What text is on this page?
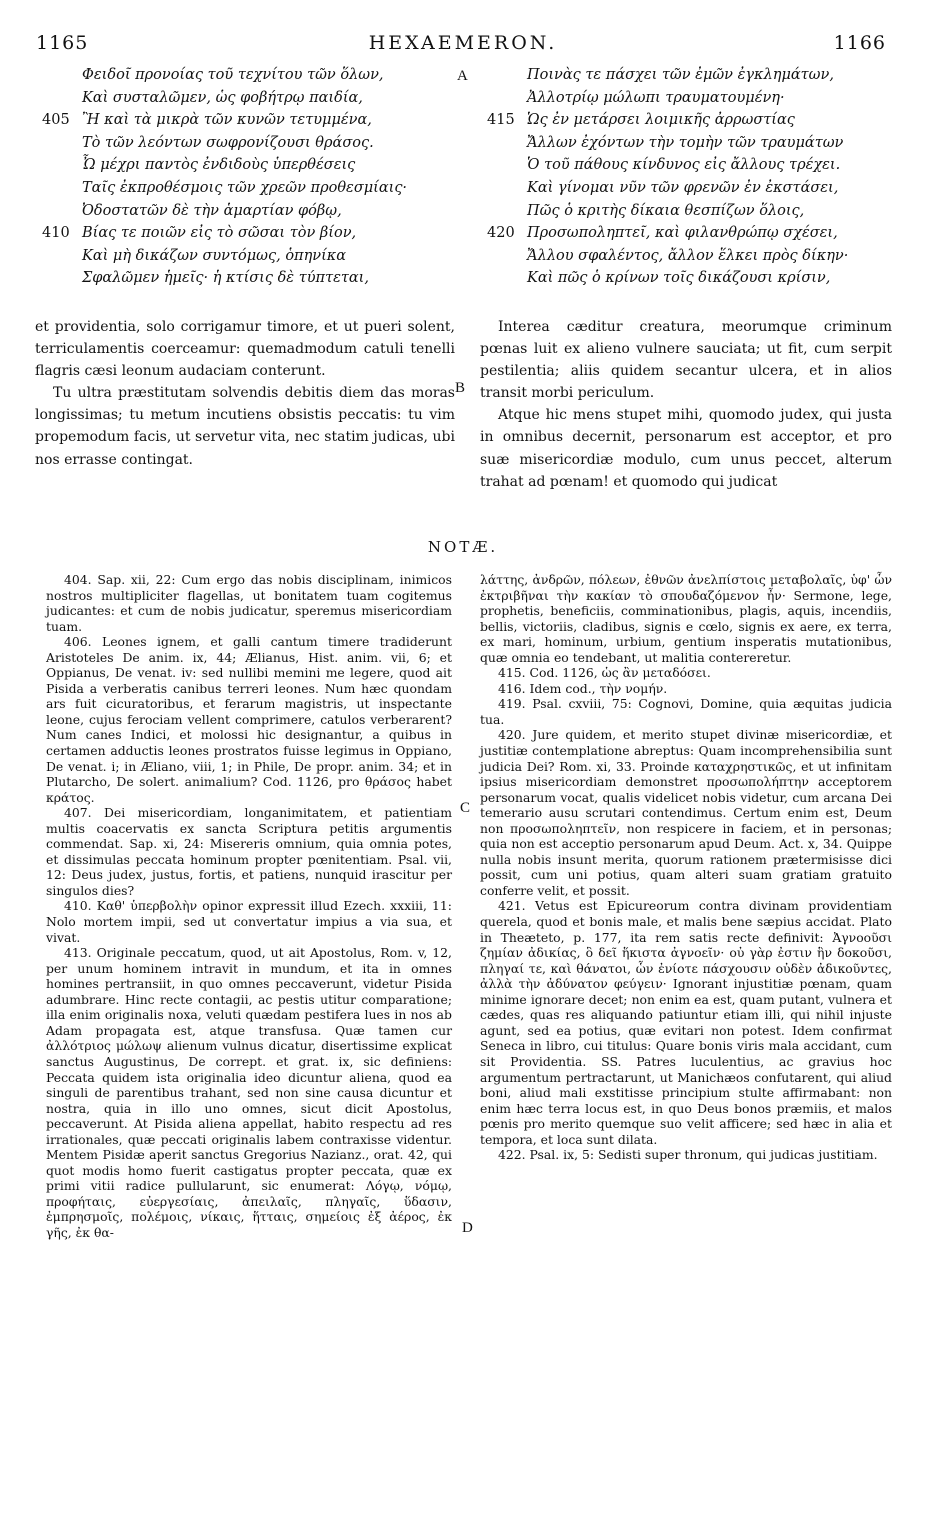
1165	HEXAEMERON.	1166
A
B
C
D
Φειδοῖ προνοίας τοῦ τεχνίτου τῶν ὅλων,
Καὶ συσταλῶμεν, ὡς φοβήτρῳ παιδία,
405 Ἢ καὶ τὰ μικρὰ τῶν κυνῶν τετυμμένα,
Τὸ τῶν λεόντων σωφρονίζουσι θράσος.
Ὦ μέχρι παντὸς ἐνδιδοὺς ὑπερθέσεις
Ταῖς ἐκπροθέσμοις τῶν χρεῶν προθεσμίαις·
Ὀδοστατῶν δὲ τὴν ἁμαρτίαν φόβῳ,
410 Βίας τε ποιῶν εἰς τὸ σῶσαι τὸν βίον,
Καὶ μὴ δικάζων συντόμως, ὁπηνίκα
Σφαλῶμεν ἡμεῖς· ἡ κτίσις δὲ τύπτεται,
Ποινὰς τε πάσχει τῶν ἐμῶν ἐγκλημάτων,
Ἀλλοτρίῳ μώλωπι τραυματουμένη·
415 Ὡς ἐν μετάρσει λοιμικῆς ἀρρωστίας
Ἄλλων ἐχόντων τὴν τομὴν τῶν τραυμάτων
Ὁ τοῦ πάθους κίνδυνος εἰς ἄλλους τρέχει.
Καὶ γίνομαι νῦν τῶν φρενῶν ἐν ἐκστάσει,
Πῶς ὁ κριτὴς δίκαια θεσπίζων ὅλοις,
420 Προσωποληπτεῖ, καὶ φιλανθρώπῳ σχέσει,
Ἄλλου σφαλέντος, ἄλλον ἕλκει πρὸς δίκην·
Καὶ πῶς ὁ κρίνων τοῖς δικάζουσι κρίσιν,

et providentia, solo corrigamur timore, et ut pueri solent, terriculamentis coerceamur: quemadmodum catuli tenelli flagris cæsi leonum audaciam conterunt.

Tu ultra præstitutam solvendis debitis diem das moras longissimas; tu metum incutiens obsistis peccatis: tu vim propemodum facis, ut servetur vita, nec statim judicas, ubi nos errasse contingat.

Interea cæditur creatura, meorumque criminum pœnas luit ex alieno vulnere sauciata; ut fit, cum serpit pestilentia; aliis quidem secantur ulcera, et in alios transit morbi periculum.

Atque hic mens stupet mihi, quomodo judex, qui justa in omnibus decernit, personarum est acceptor, et pro suæ misericordiæ modulo, cum unus peccet, alterum trahat ad pœnam! et quomodo qui judicat

NOTÆ.

404. Sap. xii, 22: Cum ergo das nobis disciplinam, inimicos nostros multipliciter flagellas, ut bonitatem tuam cogitemus judicantes: et cum de nobis judicatur, speremus misericordiam tuam.

406. Leones ignem, et galli cantum timere tradiderunt Aristoteles De anim. ix, 44; Ælianus, Hist. anim. vii, 6; et Oppianus, De venat. iv: sed nullibi memini me legere, quod ait Pisida a verberatis canibus terreri leones. Num hæc quondam ars fuit cicuratoribus, et ferarum magistris, ut inspectante leone, cujus ferociam vellent comprimere, catulos verberarent? Num canes Indici, et molossi hic designantur, a quibus in certamen adductis leones prostratos fuisse legimus in Oppiano, De venat. i; in Æliano, viii, 1; in Phile, De propr. anim. 34; et in Plutarcho, De solert. animalium? Cod. 1126, pro θράσος habet κράτος.

407. Dei misericordiam, longanimitatem, et patientiam multis coacervatis ex sancta Scriptura petitis argumentis commendat. Sap. xi, 24: Misereris omnium, quia omnia potes, et dissimulas peccata hominum propter pœnitentiam. Psal. vii, 12: Deus judex, justus, fortis, et patiens, nunquid irascitur per singulos dies?

410. Καθ' ὑπερβολὴν opinor expressit illud Ezech. xxxiii, 11: Nolo mortem impii, sed ut convertatur impius a via sua, et vivat.

413. Originale peccatum, quod, ut ait Apostolus, Rom. v, 12, per unum hominem intravit in mundum, et ita in omnes homines pertransiit, in quo omnes peccaverunt, videtur Pisida adumbrare. Hinc recte contagii, ac pestis utitur comparatione; illa enim originalis noxa, veluti quædam pestifera lues in nos ab Adam propagata est, atque transfusa. Quæ tamen cur ἀλλότριος μώλωψ alienum vulnus dicatur, disertissime explicat sanctus Augustinus, De corrept. et grat. ix, sic definiens: Peccata quidem ista originalia ideo dicuntur aliena, quod ea singuli de parentibus trahant, sed non sine causa dicuntur et nostra, quia in illo uno omnes, sicut dicit Apostolus, peccaverunt. At Pisida aliena appellat, habito respectu ad res irrationales, quæ peccati originalis labem contraxisse videntur. Mentem Pisidæ aperit sanctus Gregorius Nazianz., orat. 42, qui quot modis homo fuerit castigatus propter peccata, quæ ex primi vitii radice pullularunt, sic enumerat: Λόγῳ, νόμῳ, προφήταις, εὐεργεσίαις, ἀπειλαῖς, πληγαῖς, ὕδασιν, ἐμπρησμοῖς, πολέμοις, νίκαις, ἥτταις, σημείοις ἐξ ἀέρος, ἐκ γῆς, ἐκ θα-

λάττης, ἀνδρῶν, πόλεων, ἐθνῶν ἀνελπίστοις μεταβολαῖς, ὑφ' ὧν ἐκτριβῆναι τὴν κακίαν τὸ σπουδαζόμενον ἦν· Sermone, lege, prophetis, beneficiis, comminationibus, plagis, aquis, incendiis, bellis, victoriis, cladibus, signis e cœlo, signis ex aere, ex terra, ex mari, hominum, urbium, gentium insperatis mutationibus, quæ omnia eo tendebant, ut malitia contereretur.

415. Cod. 1126, ὡς ἂν μεταδόσει.

416. Idem cod., τὴν νομήν.

419. Psal. cxviii, 75: Cognovi, Domine, quia æquitas judicia tua.

420. Jure quidem, et merito stupet divinæ misericordiæ, et justitiæ contemplatione abreptus: Quam incomprehensibilia sunt judicia Dei? Rom. xi, 33. Proinde καταχρηστικῶς, et ut infinitam ipsius misericordiam demonstret προσωπολήπτην acceptorem personarum vocat, qualis videlicet nobis videtur, cum arcana Dei temerario ausu scrutari contendimus. Certum enim est, Deum non προσωποληπτεῖν, non respicere in faciem, et in personas; quia non est acceptio personarum apud Deum. Act. x, 34. Quippe nulla nobis insunt merita, quorum rationem prætermisisse dici possit, cum uni potius, quam alteri suam gratiam gratuito conferre velit, et possit.

421. Vetus est Epicureorum contra divinam providentiam querela, quod et bonis male, et malis bene sæpius accidat. Plato in Theæteto, p. 177, ita rem satis recte definivit: Ἀγνοοῦσι ζημίαν ἀδικίας, ὃ δεῖ ἥκιστα ἀγνοεῖν· οὐ γὰρ ἐστιν ἣν δοκοῦσι, πληγαί τε, καὶ θάνατοι, ὧν ἐνίοτε πάσχουσιν οὐδὲν ἀδικοῦντες, ἀλλὰ τὴν ἀδύνατον φεύγειν· Ignorant injustitiæ pœnam, quam minime ignorare decet; non enim ea est, quam putant, vulnera et cædes, quas res aliquando patiuntur etiam illi, qui nihil injuste agunt, sed ea potius, quæ evitari non potest. Idem confirmat Seneca in libro, cui titulus: Quare bonis viris mala accidant, cum sit Providentia. SS. Patres luculentius, ac gravius hoc argumentum pertractarunt, ut Manichæos confutarent, qui aliud boni, aliud mali exstitisse principium stulte affirmabant: non enim hæc terra locus est, in quo Deus bonos præmiis, et malos pœnis pro merito quemque suo velit afficere; sed hæc in alia et tempora, et loca sunt dilata.

422. Psal. ix, 5: Sedisti super thronum, qui judicas justitiam.
